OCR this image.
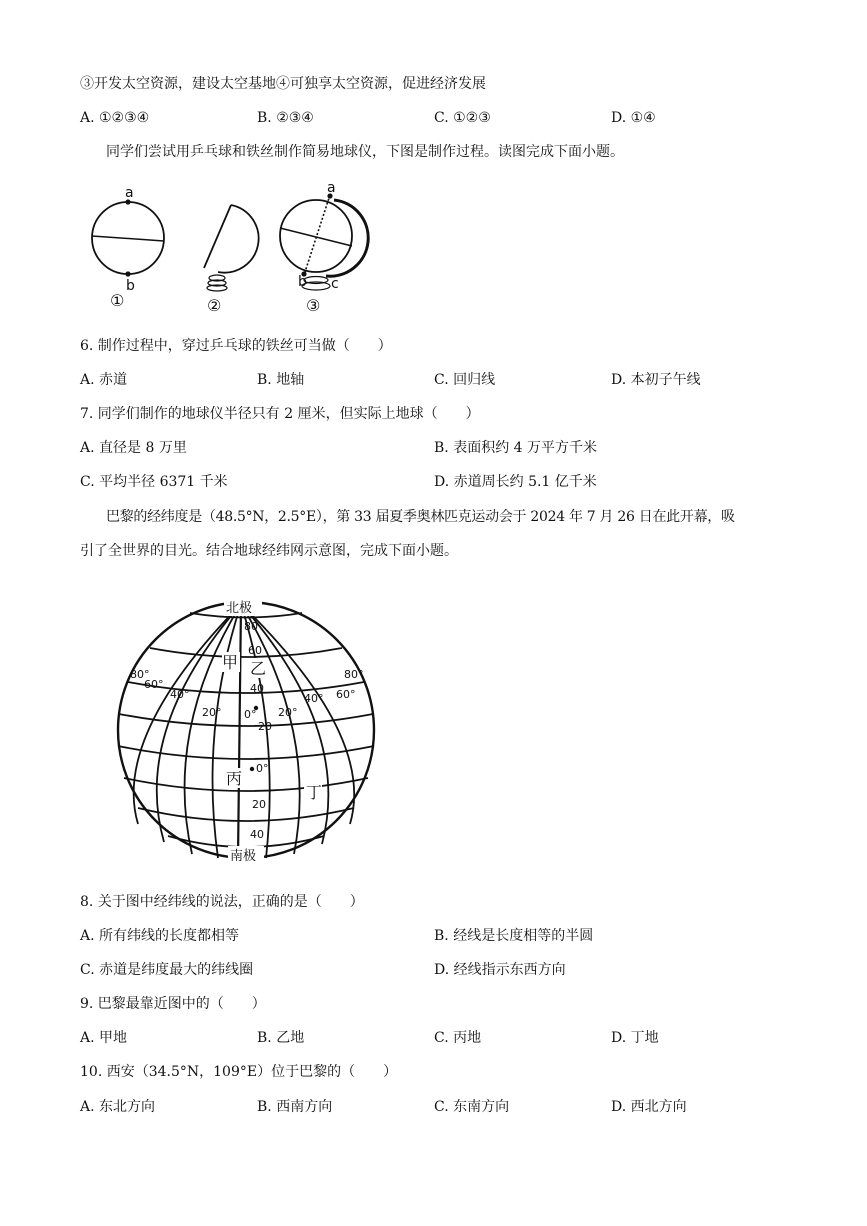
③开发太空资源，建设太空基地④可独享太空资源，促进经济发展
A. ①②③④	B. ②③④	C. ①②③	D. ①④
同学们尝试用乒乓球和铁丝制作简易地球仪，下图是制作过程。读图完成下面小题。
a
b
①	②
a
b c
③
6. 制作过程中，穿过乒乓球的铁丝可当做（　　）
A. 赤道	B. 地轴	C. 回归线	D. 本初子午线
7. 同学们制作的地球仪半径只有 2 厘米，但实际上地球（　　）
A. 直径是 8 万里	B. 表面积约 4 万平方千米
C. 平均半径 6371 千米	D. 赤道周长约 5.1 亿千米
巴黎的经纬度是（48.5°N，2.5°E），第 33 届夏季奥林匹克运动会于 2024 年 7 月 26 日在此开幕，吸
引了全世界的目光。结合地球经纬网示意图，完成下面小题。
北极
南极
80
60
40
20
0°
20
40
80°
60°
40°
20° 0° 20°
40° 60°
80°
甲 乙
丙
丁
8. 关于图中经纬线的说法，正确的是（　　）
A. 所有纬线的长度都相等	B. 经线是长度相等的半圆
C. 赤道是纬度最大的纬线圈	D. 经线指示东西方向
9. 巴黎最靠近图中的（　　）
A. 甲地	B. 乙地	C. 丙地	D. 丁地
10. 西安（34.5°N，109°E）位于巴黎的（　　）
A. 东北方向	B. 西南方向	C. 东南方向	D. 西北方向
